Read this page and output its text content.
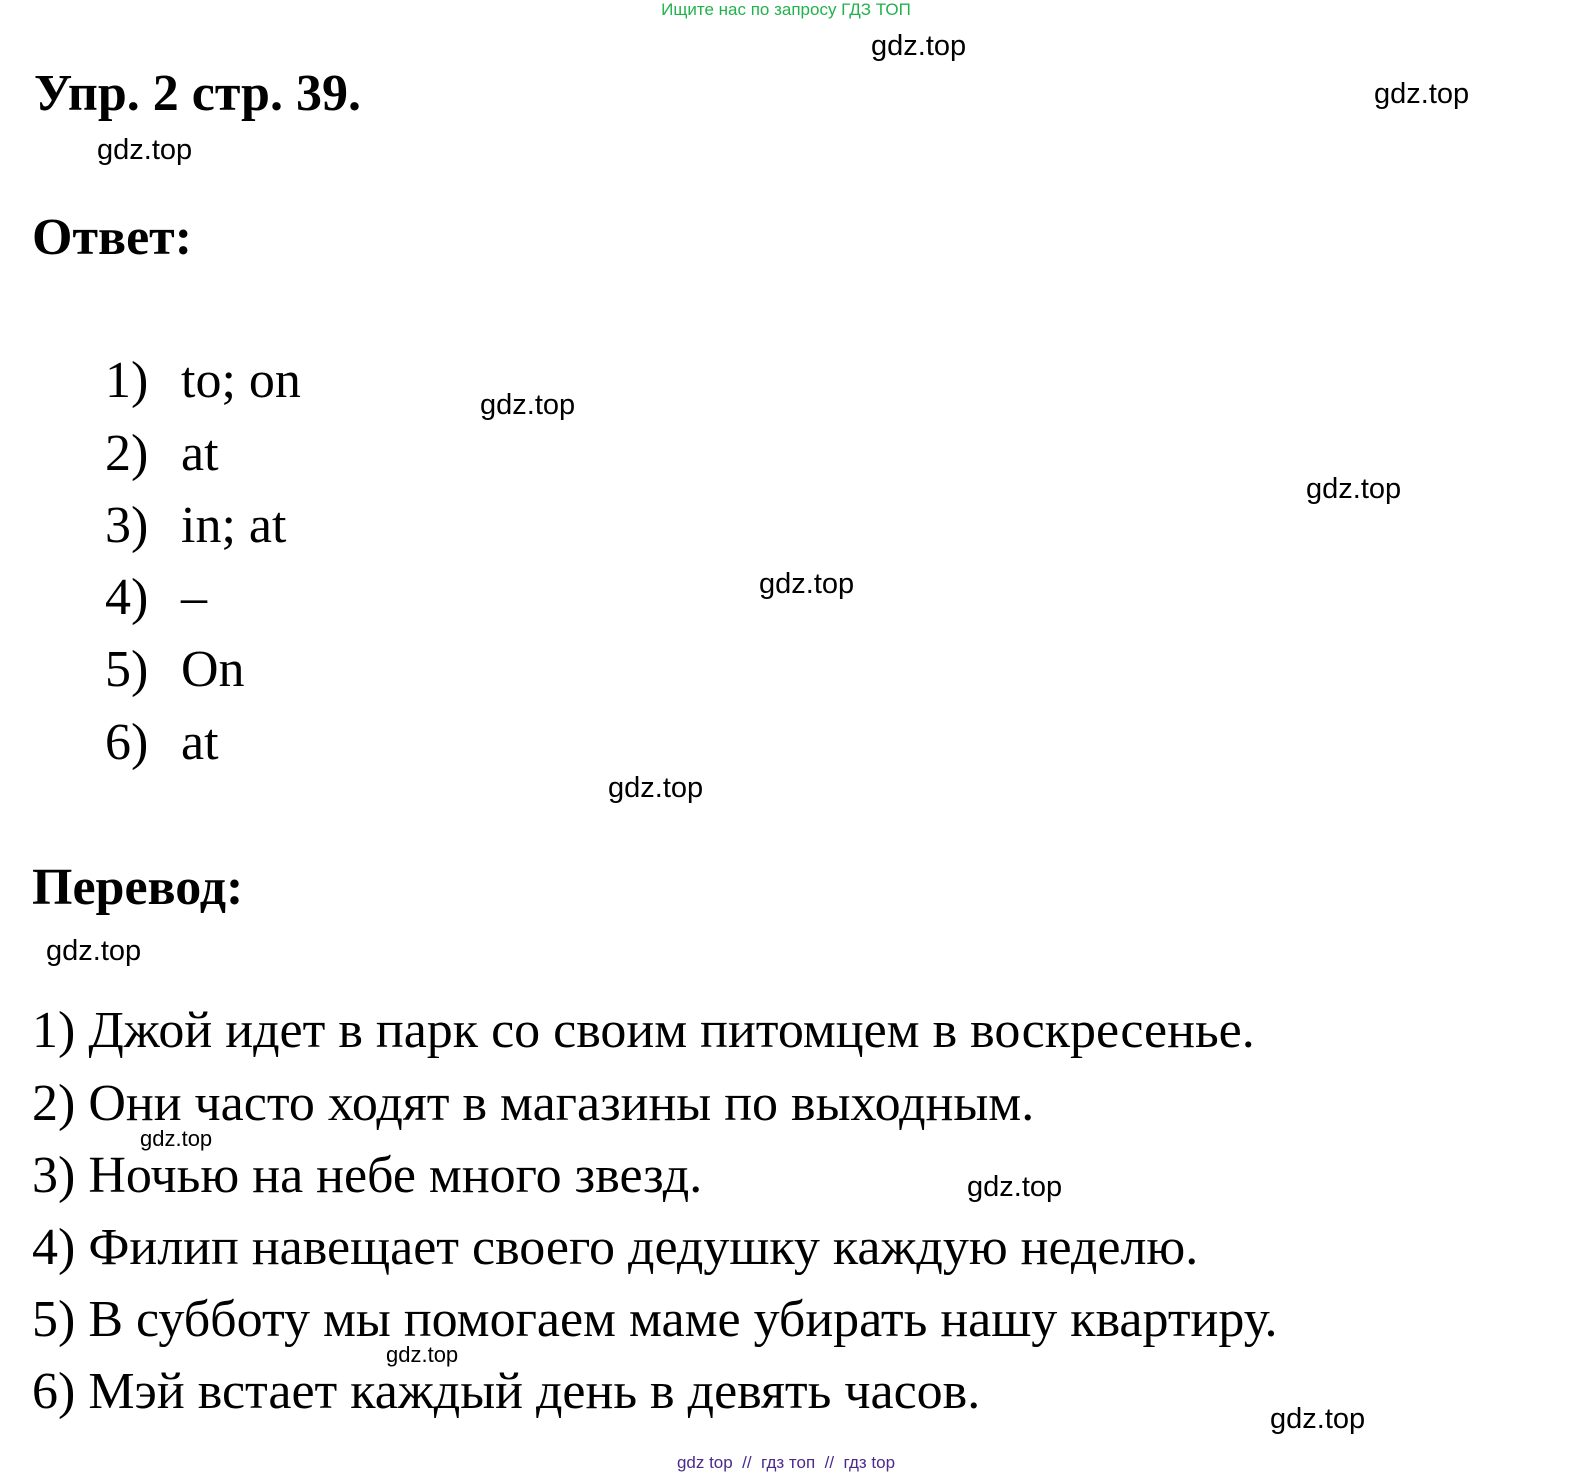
Ищите нас по запросу ГДЗ ТОП
Упр. 2 стр. 39.
Ответ:
1) to; on
2) at
3) in; at
4) –
5) On
6) at
Перевод:
1) Джой идет в парк со своим питомцем в воскресенье.
2) Они часто ходят в магазины по выходным.
3) Ночью на небе много звезд.
4) Филип навещает своего дедушку каждую неделю.
5) В субботу мы помогаем маме убирать нашу квартиру.
6) Мэй встает каждый день в девять часов.
gdz.top
gdz.top
gdz.top
gdz.top
gdz.top
gdz.top
gdz.top
gdz.top
gdz.top
gdz.top
gdz.top
gdz.top
gdz top  //  гдз топ  //  гдз top
